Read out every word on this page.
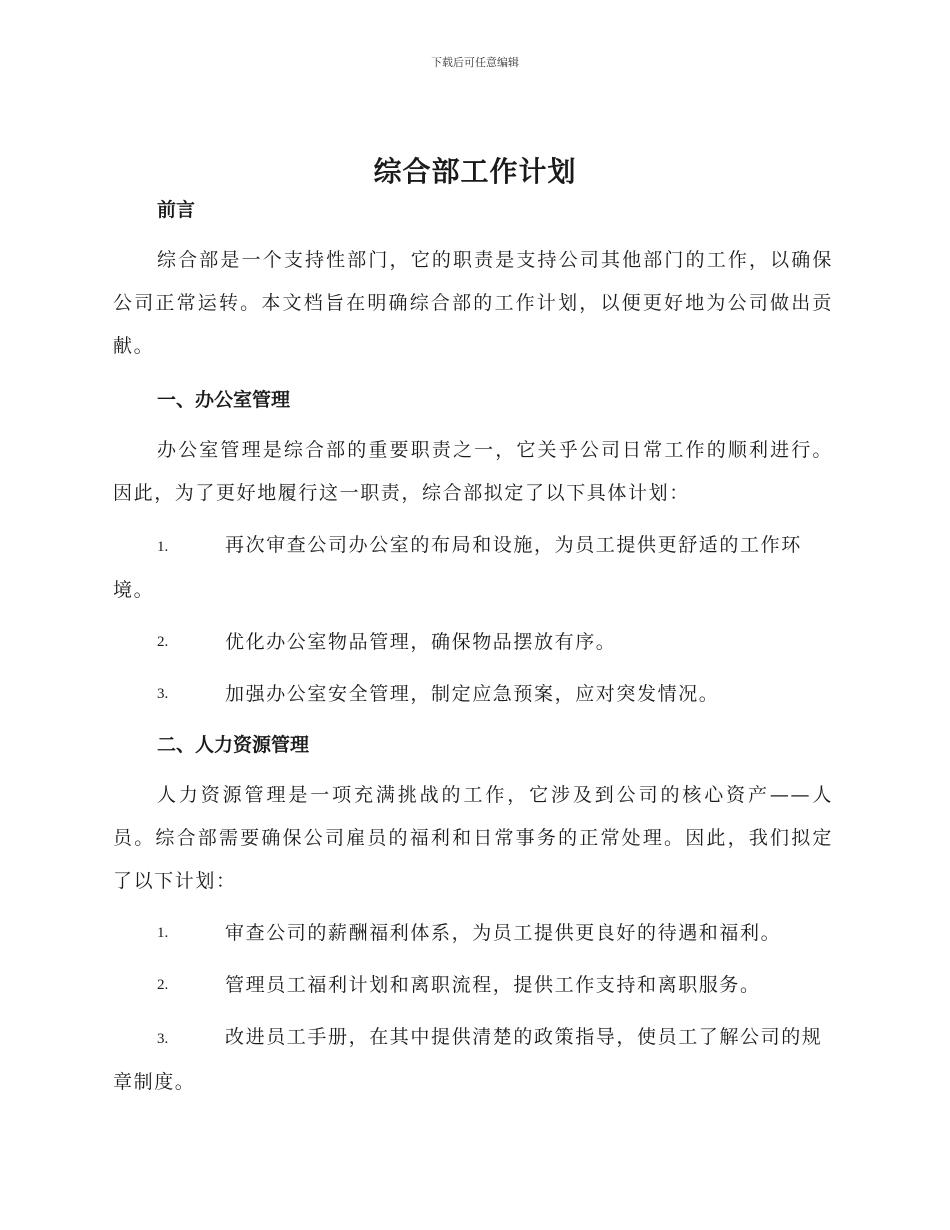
下载后可任意编辑
综合部工作计划
前言

综合部是一个支持性部门，它的职责是支持公司其他部门的工作，以确保公司正常运转。本文档旨在明确综合部的工作计划，以便更好地为公司做出贡献。

一、办公室管理

办公室管理是综合部的重要职责之一，它关乎公司日常工作的顺利进行。因此，为了更好地履行这一职责，综合部拟定了以下具体计划：

1.	再次审查公司办公室的布局和设施，为员工提供更舒适的工作环境。
2.	优化办公室物品管理，确保物品摆放有序。
3.	加强办公室安全管理，制定应急预案，应对突发情况。
二、人力资源管理

人力资源管理是一项充满挑战的工作，它涉及到公司的核心资产——人员。综合部需要确保公司雇员的福利和日常事务的正常处理。因此，我们拟定了以下计划：

1.	审查公司的薪酬福利体系，为员工提供更良好的待遇和福利。
2.	管理员工福利计划和离职流程，提供工作支持和离职服务。
3.	改进员工手册，在其中提供清楚的政策指导，使员工了解公司的规章制度。
